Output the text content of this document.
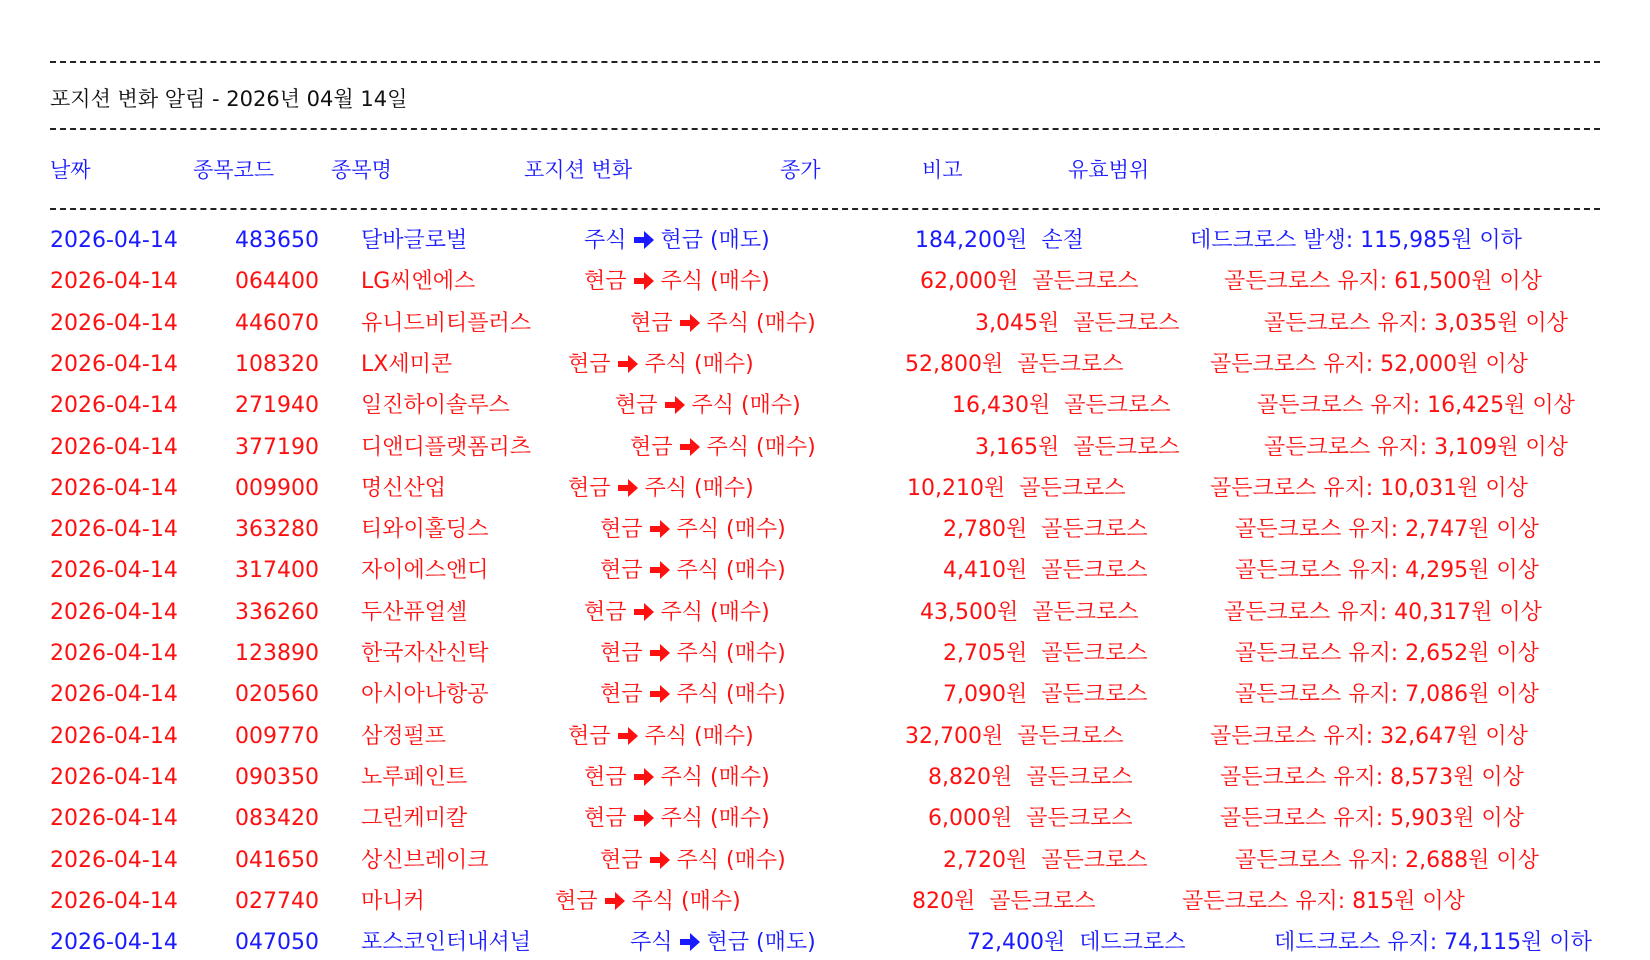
포지션 변화 알림 - 2026년 04월 14일
날짜	종목코드	종목명	포지션 변화	종가	비고	유효범위
2026-04-14	483650 달바글로벌	주식 현금 (매도)	184,200원 손절	데드크로스 발생: 115,985원 이하
2026-04-14	064400 LG씨엔에스	현금 주식 (매수)	62,000원 골든크로스	골든크로스 유지: 61,500원 이상
2026-04-14	446070 유니드비티플러스	현금 주식 (매수)	3,045원 골든크로스	골든크로스 유지: 3,035원 이상
2026-04-14	108320 LX세미콘	현금 주식 (매수)	52,800원 골든크로스	골든크로스 유지: 52,000원 이상
2026-04-14	271940 일진하이솔루스	현금 주식 (매수)	16,430원 골든크로스	골든크로스 유지: 16,425원 이상
2026-04-14	377190 디앤디플랫폼리츠	현금 주식 (매수)	3,165원 골든크로스	골든크로스 유지: 3,109원 이상
2026-04-14	009900 명신산업	현금 주식 (매수)	10,210원 골든크로스	골든크로스 유지: 10,031원 이상
2026-04-14	363280 티와이홀딩스	현금 주식 (매수)	2,780원 골든크로스	골든크로스 유지: 2,747원 이상
2026-04-14	317400 자이에스앤디	현금 주식 (매수)	4,410원 골든크로스	골든크로스 유지: 4,295원 이상
2026-04-14	336260 두산퓨얼셀	현금 주식 (매수)	43,500원 골든크로스	골든크로스 유지: 40,317원 이상
2026-04-14	123890 한국자산신탁	현금 주식 (매수)	2,705원 골든크로스	골든크로스 유지: 2,652원 이상
2026-04-14	020560 아시아나항공	현금 주식 (매수)	7,090원 골든크로스	골든크로스 유지: 7,086원 이상
2026-04-14	009770 삼정펄프	현금 주식 (매수)	32,700원 골든크로스	골든크로스 유지: 32,647원 이상
2026-04-14	090350 노루페인트	현금 주식 (매수)	8,820원 골든크로스	골든크로스 유지: 8,573원 이상
2026-04-14	083420 그린케미칼	현금 주식 (매수)	6,000원 골든크로스	골든크로스 유지: 5,903원 이상
2026-04-14	041650 상신브레이크	현금 주식 (매수)	2,720원 골든크로스	골든크로스 유지: 2,688원 이상
2026-04-14	027740 마니커	현금 주식 (매수)	820원 골든크로스	골든크로스 유지: 815원 이상
2026-04-14	047050 포스코인터내셔널	주식 현금 (매도)	72,400원 데드크로스	데드크로스 유지: 74,115원 이하
